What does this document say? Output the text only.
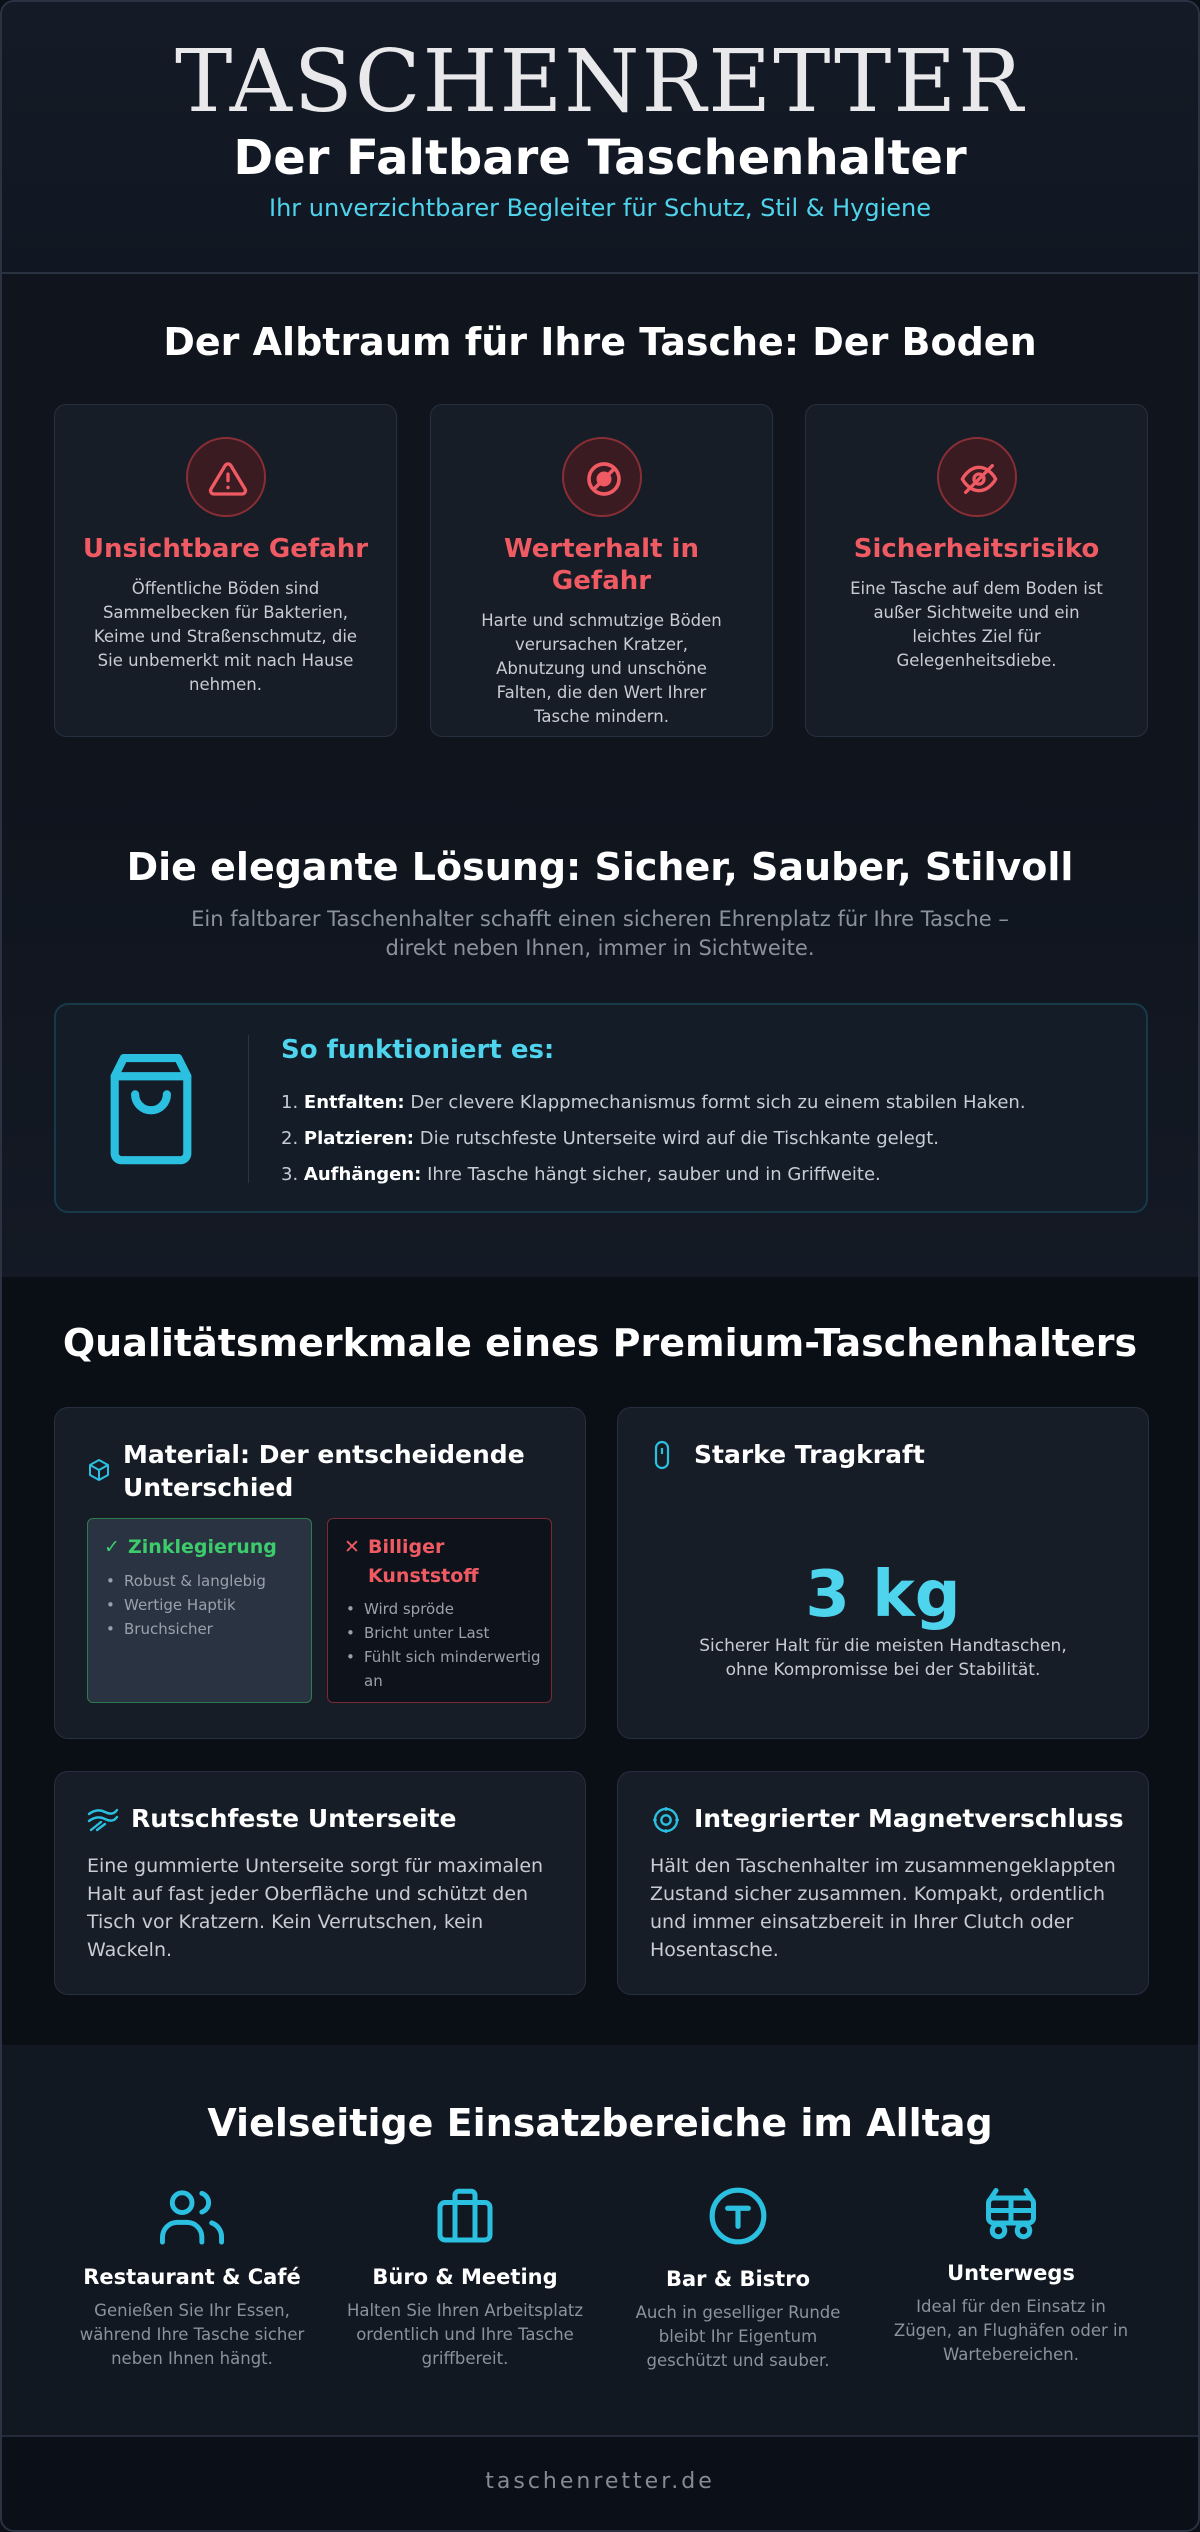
TASCHENRETTER
Der Faltbare Taschenhalter
Ihr unverzichtbarer Begleiter für Schutz, Stil & Hygiene
Der Albtraum für Ihre Tasche: Der Boden
Unsichtbare Gefahr
Öffentliche Böden sind Sammelbecken für Bakterien, Keime und Straßenschmutz, die Sie unbemerkt mit nach Hause nehmen.
Werterhalt in Gefahr
Harte und schmutzige Böden verursachen Kratzer, Abnutzung und unschöne Falten, die den Wert Ihrer Tasche mindern.
Sicherheitsrisiko
Eine Tasche auf dem Boden ist außer Sichtweite und ein leichtes Ziel für Gelegenheitsdiebe.
Die elegante Lösung: Sicher, Sauber, Stilvoll
Ein faltbarer Taschenhalter schafft einen sicheren Ehrenplatz für Ihre Tasche – direkt neben Ihnen, immer in Sichtweite.
So funktioniert es:
1. Entfalten: Der clevere Klappmechanismus formt sich zu einem stabilen Haken.
2. Platzieren: Die rutschfeste Unterseite wird auf die Tischkante gelegt.
3. Aufhängen: Ihre Tasche hängt sicher, sauber und in Griffweite.
Qualitätsmerkmale eines Premium-Taschenhalters
Material: Der entscheidende Unterschied
✓ Zinklegierung
• Robust & langlebig
• Wertige Haptik
• Bruchsicher
✕ Billiger Kunststoff
• Wird spröde
• Bricht unter Last
• Fühlt sich minderwertig an
Starke Tragkraft
3 kg
Sicherer Halt für die meisten Handtaschen, ohne Kompromisse bei der Stabilität.
Rutschfeste Unterseite
Eine gummierte Unterseite sorgt für maximalen Halt auf fast jeder Oberfläche und schützt den Tisch vor Kratzern. Kein Verrutschen, kein Wackeln.
Integrierter Magnetverschluss
Hält den Taschenhalter im zusammengeklappten Zustand sicher zusammen. Kompakt, ordentlich und immer einsatzbereit in Ihrer Clutch oder Hosentasche.
Vielseitige Einsatzbereiche im Alltag
Restaurant & Café
Genießen Sie Ihr Essen, während Ihre Tasche sicher neben Ihnen hängt.
Büro & Meeting
Halten Sie Ihren Arbeitsplatz ordentlich und Ihre Tasche griffbereit.
Bar & Bistro
Auch in geselliger Runde bleibt Ihr Eigentum geschützt und sauber.
Unterwegs
Ideal für den Einsatz in Zügen, an Flughäfen oder in Wartebereichen.
taschenretter.de
